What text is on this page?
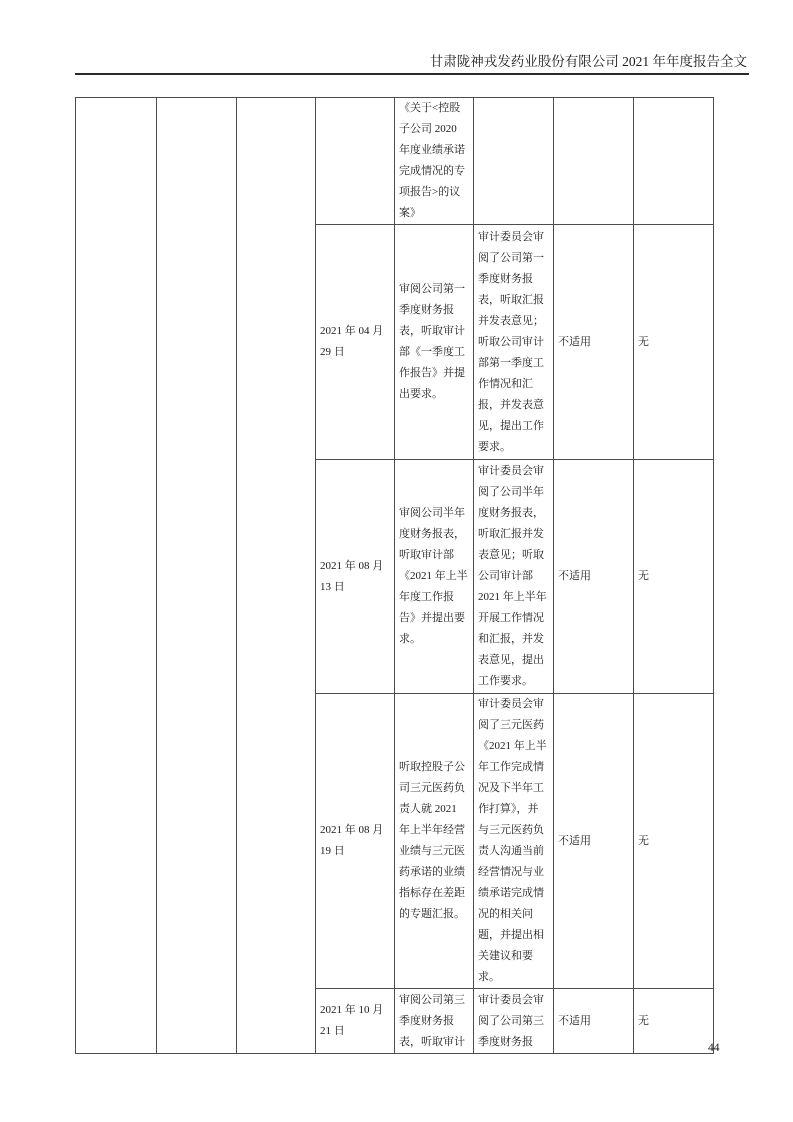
甘肃陇神戎发药业股份有限公司 2021 年年度报告全文
				《关于<控股子公司 2020 年度业绩承诺完成情况的专项报告>的议案》			
			2021 年 04 月 29 日	审阅公司第一季度财务报表，听取审计部《一季度工作报告》并提出要求。	审计委员会审阅了公司第一季度财务报表，听取汇报并发表意见；听取公司审计部第一季度工作情况和汇报，并发表意见，提出工作要求。	不适用	无
			2021 年 08 月 13 日	审阅公司半年度财务报表，听取审计部《2021 年上半年度工作报告》并提出要求。	审计委员会审阅了公司半年度财务报表，听取汇报并发表意见；听取公司审计部 2021 年上半年开展工作情况和汇报，并发表意见，提出工作要求。	不适用	无
			2021 年 08 月 19 日	听取控股子公司三元医药负责人就 2021 年上半年经营业绩与三元医药承诺的业绩指标存在差距的专题汇报。	审计委员会审阅了三元医药《2021 年上半年工作完成情况及下半年工作打算》，并与三元医药负责人沟通当前经营情况与业绩承诺完成情况的相关问题，并提出相关建议和要求。	不适用	无
			2021 年 10 月 21 日	审阅公司第三季度财务报表，听取审计	审计委员会审阅了公司第三季度财务报	不适用	无
44
